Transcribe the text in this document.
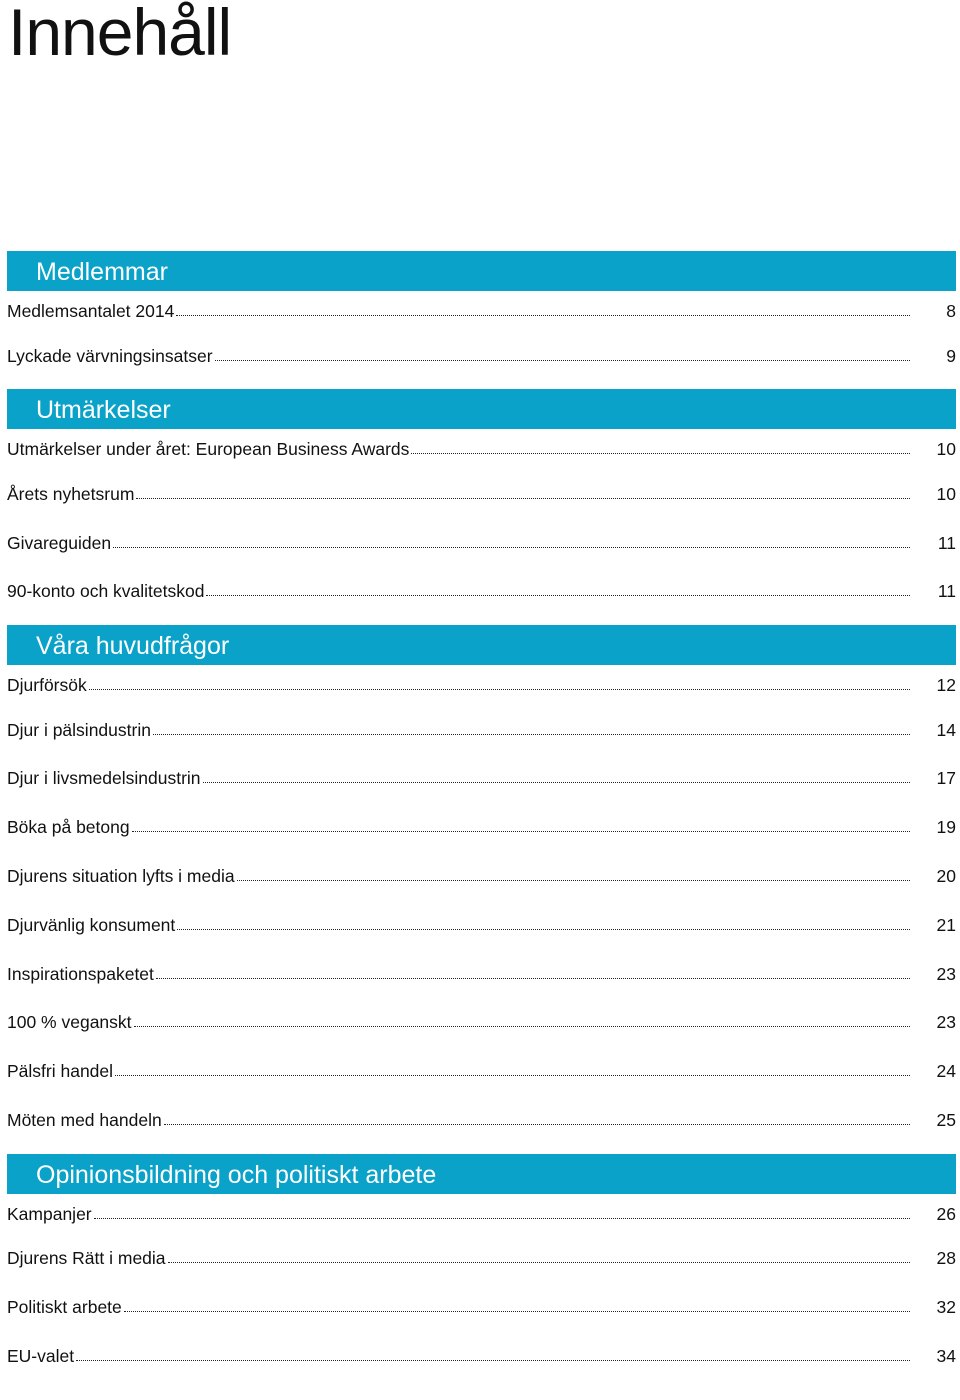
Innehåll
Medlemmar
Medlemsantalet 2014	8
Lyckade värvningsinsatser	9
Utmärkelser
Utmärkelser under året: European Business Awards	10
Årets nyhetsrum	10
Givareguiden	11
90-konto och kvalitetskod	11
Våra huvudfrågor
Djurförsök	12
Djur i pälsindustrin	14
Djur i livsmedelsindustrin	17
Böka på betong	19
Djurens situation lyfts i media	20
Djurvänlig konsument	21
Inspirationspaketet	23
100 % veganskt	23
Pälsfri handel	24
Möten med handeln	25
Opinionsbildning och politiskt arbete
Kampanjer	26
Djurens Rätt i media	28
Politiskt arbete	32
EU-valet	34
